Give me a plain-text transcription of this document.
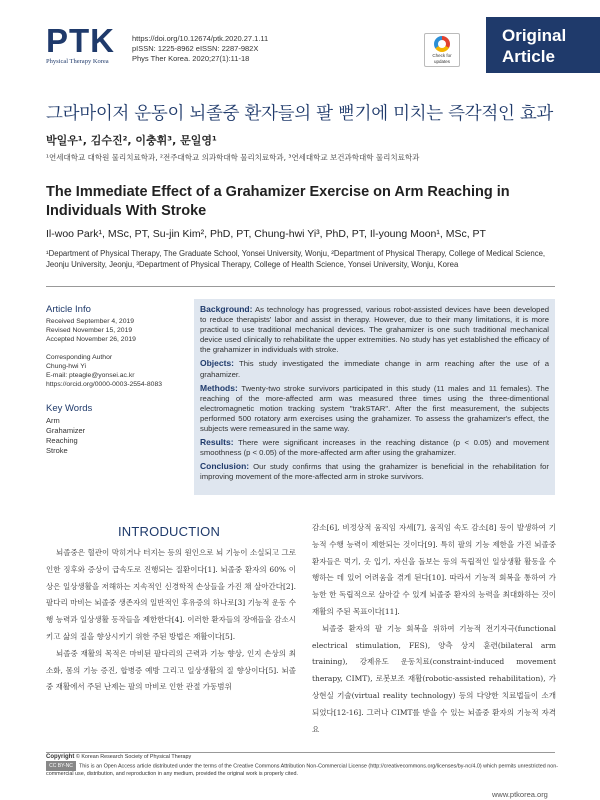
PTK
Physical Therapy Korea
https://doi.org/10.12674/ptk.2020.27.1.11
pISSN: 1225-8962 eISSN: 2287-982X
Phys Ther Korea. 2020;27(1):11-18	Check for
updates
Original
Article
그라마이저 운동이 뇌졸중 환자들의 팔 뻗기에 미치는 즉각적인 효과
박일우¹, 김수진², 이충휘³, 문일영¹
¹연세대학교 대학원 물리치료학과, ²전주대학교 의과학대학 물리치료학과, ³연세대학교 보건과학대학 물리치료학과
The Immediate Effect of a Grahamizer Exercise on Arm Reaching in Individuals With Stroke
Il-woo Park¹, MSc, PT, Su-jin Kim², PhD, PT, Chung-hwi Yi³, PhD, PT, Il-young Moon¹, MSc, PT
¹Department of Physical Therapy, The Graduate School, Yonsei University, Wonju, ²Department of Physical Therapy, College of Medical Science, Jeonju University, Jeonju, ³Department of Physical Therapy, College of Health Science, Yonsei University, Wonju, Korea
Article Info
Received September 4, 2019
Revised November 15, 2019
Accepted November 26, 2019
Corresponding Author
Chung-hwi Yi
E-mail: pteagle@yonsei.ac.kr
https://orcid.org/0000-0003-2554-8083
Key Words
Arm
Grahamizer
Reaching
Stroke

Background: As technology has progressed, various robot-assisted devices have been developed to reduce therapists' labor and assist in therapy. However, due to their many limitations, it is more practical to use traditional mechanical devices. The grahamizer is one such traditional mechanical device used clinically to rehabilitate the upper extremities. No study has yet established the efficacy of the grahamizer in individuals with stroke.

Objects: This study investigated the immediate change in arm reaching after the use of a grahamizer.

Methods: Twenty-two stroke survivors participated in this study (11 males and 11 females). The reaching of the more-affected arm was measured three times using the three-dimentional electromagnetic motion tracking system "trakSTAR". After the first measurement, the subjects performed 500 rotatory arm exercises using the grahamizer. To assess the grahamizer's effect, the subjects were remeasured in the same way.

Results: There were significant increases in the reaching distance (p < 0.05) and movement smoothness (p < 0.05) of the more-affected arm after using the grahamizer.

Conclusion: Our study confirms that using the grahamizer is beneficial in the rehabilitation for improving movement of the more-affected arm in stroke survivors.

INTRODUCTION

뇌졸중은 혈관이 막히거나 터지는 등의 원인으로 뇌 기능이 소실되고 그로 인한 징후와 증상이 급속도로 진행되는 질환이다[1]. 뇌졸중 환자의 60% 이상은 일상생활을 저해하는 지속적인 신경학적 손상들을 가진 채 살아간다[2]. 팔다리 마비는 뇌졸중 생존자의 일반적인 후유증의 하나로[3] 기능적 운동 수행 능력과 일상생활 동작들을 제한한다[4]. 이러한 환자들의 장애들을 감소시키고 삶의 질을 향상시키기 위한 주된 방법은 재활이다[5].

뇌졸중 재활의 목적은 마비된 팔다리의 근력과 기능 향상, 인지 손상의 최소화, 몸의 기능 증진, 합병증 예방 그리고 일상생활의 질 향상이다[5]. 뇌졸중 재활에서 주된 난제는 팔의 마비로 인한 관절 가동범위

감소[6], 비정상적 움직임 자세[7], 움직임 속도 감소[8] 등이 발생하여 기능적 수행 능력이 제한되는 것이다[9]. 특히 팔의 기능 제한을 가진 뇌졸중 환자들은 먹기, 옷 입기, 자신을 돌보는 등의 독립적인 일상생활 활동을 수행하는 데 있어 어려움을 겪게 된다[10]. 따라서 기능적 회복을 통하여 가능한 한 독립적으로 살아갈 수 있게 뇌졸중 환자의 능력을 최대화하는 것이 재활의 주된 목표이다[11].

뇌졸중 환자의 팔 기능 회복을 위하여 기능적 전기자극(functional electrical stimulation, FES), 양측 상지 훈련(bilateral arm training), 강제유도 운동치료(constraint-induced movement therapy, CIMT), 로봇보조 재활(robotic-assisted rehabilitation), 가상현실 기술(virtual reality technology) 등의 다양한 치료법들이 소개되었다[12-16]. 그러나 CIMT를 받을 수 있는 뇌졸중 환자의 기능적 자격 요

Copyright © Korean Research Society of Physical Therapy
CC BY-NC This is an Open Access article distributed under the terms of the Creative Commons Attribution Non-Commercial License (http://creativecommons.org/licenses/by-nc/4.0) which permits unrestricted non-commercial use, distribution, and reproduction in any medium, provided the original work is properly cited.
www.ptkorea.org
